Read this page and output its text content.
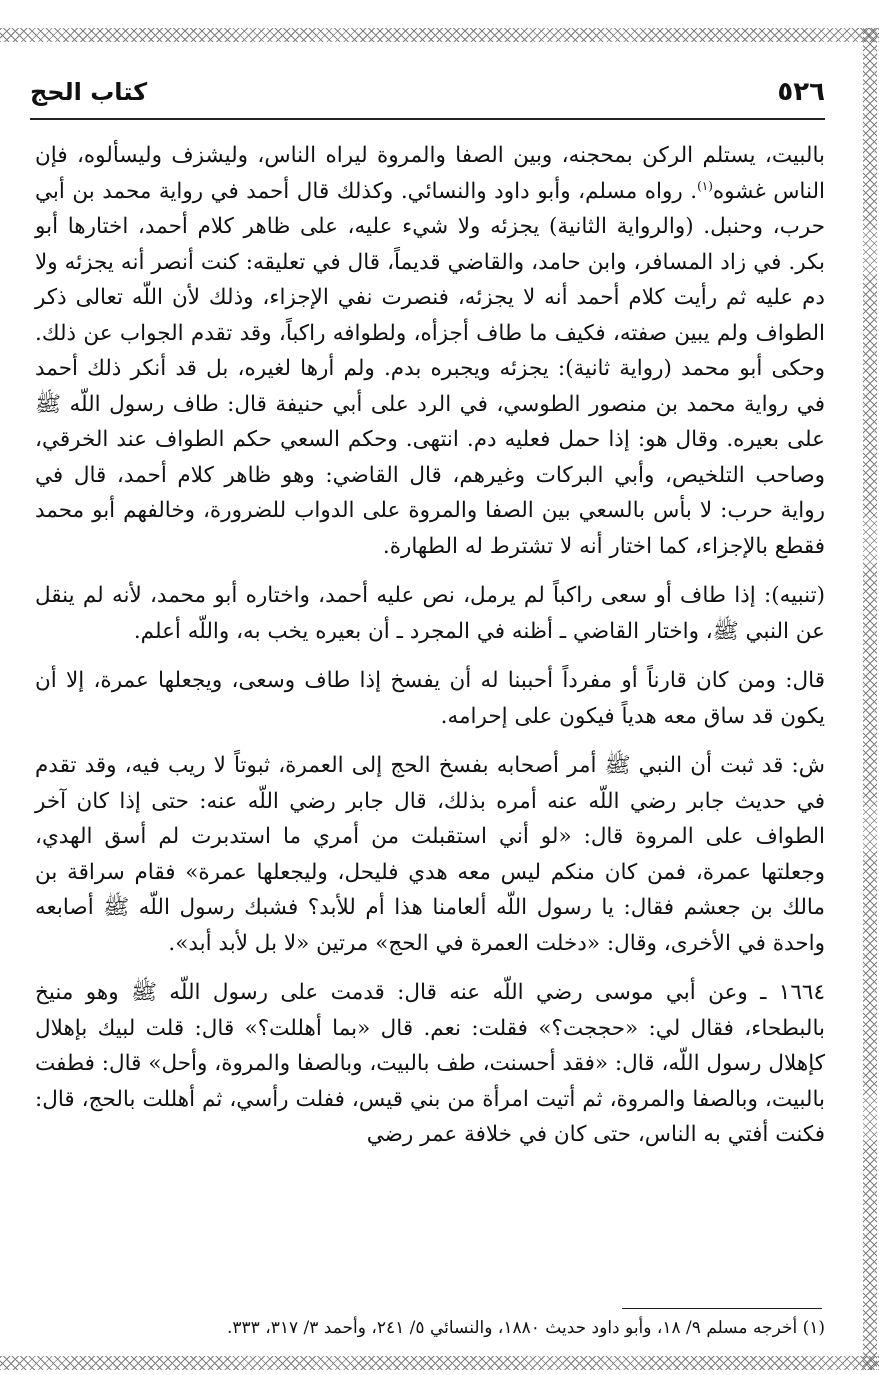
٥٢٦
كتاب الحج

بالبيت، يستلم الركن بمحجنه، وبين الصفا والمروة ليراه الناس، وليشزف وليسألوه، فإن الناس غشوه$^{(١)}$. رواه مسلم، وأبو داود والنسائي. وكذلك قال أحمد في رواية محمد بن أبي حرب، وحنبل. (والرواية الثانية) يجزئه ولا شيء عليه، على ظاهر كلام أحمد، اختارها أبو بكر. في زاد المسافر، وابن حامد، والقاضي قديماً، قال في تعليقه: كنت أنصر أنه يجزئه ولا دم عليه ثم رأيت كلام أحمد أنه لا يجزئه، فنصرت نفي الإجزاء، وذلك لأن اللّه تعالى ذكر الطواف ولم يبين صفته، فكيف ما طاف أجزأه، ولطوافه راكباً، وقد تقدم الجواب عن ذلك. وحكى أبو محمد (رواية ثانية): يجزئه ويجبره بدم. ولم أرها لغيره، بل قد أنكر ذلك أحمد في رواية محمد بن منصور الطوسي، في الرد على أبي حنيفة قال: طاف رسول اللّه ﷺ على بعيره. وقال هو: إذا حمل فعليه دم. انتهى. وحكم السعي حكم الطواف عند الخرقي، وصاحب التلخيص، وأبي البركات وغيرهم، قال القاضي: وهو ظاهر كلام أحمد، قال في رواية حرب: لا بأس بالسعي بين الصفا والمروة على الدواب للضرورة، وخالفهم أبو محمد فقطع بالإجزاء، كما اختار أنه لا تشترط له الطهارة.

(تنبيه): إذا طاف أو سعى راكباً لم يرمل، نص عليه أحمد، واختاره أبو محمد، لأنه لم ينقل عن النبي ﷺ، واختار القاضي ـ أظنه في المجرد ـ أن بعيره يخب به، واللّه أعلم.

قال: ومن كان قارناً أو مفرداً أحببنا له أن يفسخ إذا طاف وسعى، ويجعلها عمرة، إلا أن يكون قد ساق معه هدياً فيكون على إحرامه.

ش: قد ثبت أن النبي ﷺ أمر أصحابه بفسخ الحج إلى العمرة، ثبوتاً لا ريب فيه، وقد تقدم في حديث جابر رضي اللّه عنه أمره بذلك، قال جابر رضي اللّه عنه: حتى إذا كان آخر الطواف على المروة قال: «لو أني استقبلت من أمري ما استدبرت لم أسق الهدي، وجعلتها عمرة، فمن كان منكم ليس معه هدي فليحل، وليجعلها عمرة» فقام سراقة بن مالك بن جعشم فقال: يا رسول اللّه ألعامنا هذا أم للأبد؟ فشبك رسول اللّه ﷺ أصابعه واحدة في الأخرى، وقال: «دخلت العمرة في الحج» مرتين «لا بل لأبد أبد».

١٦٦٤ ـ وعن أبي موسى رضي اللّه عنه قال: قدمت على رسول اللّه ﷺ وهو منيخ بالبطحاء، فقال لي: «حججت؟» فقلت: نعم. قال «بما أهللت؟» قال: قلت لبيك بإهلال كإهلال رسول اللّه، قال: «فقد أحسنت، طف بالبيت، وبالصفا والمروة، وأحل» قال: فطفت بالبيت، وبالصفا والمروة، ثم أتيت امرأة من بني قيس، ففلت رأسي، ثم أهللت بالحج، قال: فكنت أفتي به الناس، حتى كان في خلافة عمر رضي

(١) أخرجه مسلم ٩/ ١٨، وأبو داود حديث ١٨٨٠، والنسائي ٥/ ٢٤١، وأحمد ٣/ ٣١٧، ٣٣٣.
